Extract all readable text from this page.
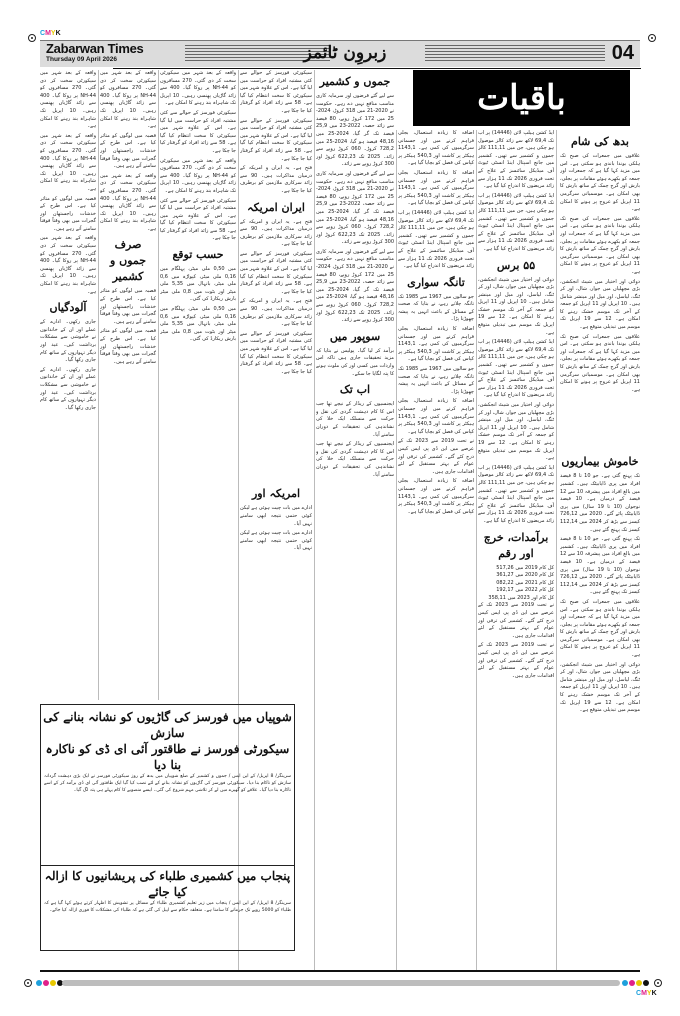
CMYK
Zabarwan Times
Thursday 09 April 2026	زبروِن ٹائمز	04
باقیات
بدھ کی شام

علاقوں میں جمعرات کی صبح تک ہلکی بوندا باندی ہو سکتی ہے۔ اس میں مزید کہا گیا ہے کہ جمعرات اور جمعہ کو بکھرے ہوئے مقامات پر بجلی، بارش اور گرج چمک کے ساتھ بارش کا بھی امکان ہے۔ موسمیاتی سرگرمی 11 اپریل کو عروج پر ہونے کا امکان ہے۔

علاقوں میں جمعرات کی صبح تک ہلکی بوندا باندی ہو سکتی ہے۔ اس میں مزید کہا گیا ہے کہ جمعرات اور جمعہ کو بکھرے ہوئے مقامات پر بجلی، بارش اور گرج چمک کے ساتھ بارش کا بھی امکان ہے۔ موسمیاتی سرگرمی 11 اپریل کو عروج پر ہونے کا امکان ہے۔

دوائی اور اختیار میں شیٹ انجکشن، بڑی مچھلیاں میں جوار، شال، اور کر ٹنگ، لیاسل، اور میل اور مینشر شامل ہیں۔ 10 اپریل اور 11 اپریل کو جمعہ کے آخر تک موسم خشک رہنے کا امکان ہے۔ 12 سے 19 اپریل تک موسم میں تبدیلی متوقع ہے۔

علاقوں میں جمعرات کی صبح تک ہلکی بوندا باندی ہو سکتی ہے۔ اس میں مزید کہا گیا ہے کہ جمعرات اور جمعہ کو بکھرے ہوئے مقامات پر بجلی، بارش اور گرج چمک کے ساتھ بارش کا بھی امکان ہے۔ موسمیاتی سرگرمی 11 اپریل کو عروج پر ہونے کا امکان ہے۔

خاموش بیماریوں

تک پہنچ گئی ہے۔ جو 10 تا 8 فیصد افراد میں پری ڈایابیٹک ہیں۔ کشمیر میں بالغ افراد میں پیشرفہ 10 سے 12 فیصد کے درمیان ہے۔ 10 فیصد نوجوان (10 تا 19 سال) میں پری ڈایابیٹک پائے گئے۔ 2020 میں 726,12 کیسز سے بڑھ کر 2024 میں 112,14 کیسز تک پہنچ گئے ہیں۔

تک پہنچ گئی ہے۔ جو 10 تا 8 فیصد افراد میں پری ڈایابیٹک ہیں۔ کشمیر میں بالغ افراد میں پیشرفہ 10 سے 12 فیصد کے درمیان ہے۔ 10 فیصد نوجوان (10 تا 19 سال) میں پری ڈایابیٹک پائے گئے۔ 2020 میں 726,12 کیسز سے بڑھ کر 2024 میں 112,14 کیسز تک پہنچ گئے ہیں۔

علاقوں میں جمعرات کی صبح تک ہلکی بوندا باندی ہو سکتی ہے۔ اس میں مزید کہا گیا ہے کہ جمعرات اور جمعہ کو بکھرے ہوئے مقامات پر بجلی، بارش اور گرج چمک کے ساتھ بارش کا بھی امکان ہے۔ موسمیاتی سرگرمی 11 اپریل کو عروج پر ہونے کا امکان ہے۔

دوائی اور اختیار میں شیٹ انجکشن، بڑی مچھلیاں میں جوار، شال، اور کر ٹنگ، لیاسل، اور میل اور مینشر شامل ہیں۔ 10 اپریل اور 11 اپریل کو جمعہ کے آخر تک موسم خشک رہنے کا امکان ہے۔ 12 سے 19 اپریل تک موسم میں تبدیلی متوقع ہے۔

ایڈ کشن ہیلپ لائن (14446) پر اب تک 69,4 لاکھ سے زائد کالز موصول ہو چکی ہیں، جن میں 111,11 کالز جموں و کشمیر سے تھیں۔ کشمیر میں جانچ اسپتال اینڈ انسٹی ٹیوٹ آف میڈیکل سائنسز کے علاج کے تحت فروری 2026 تک 11 ہزار سے زائد مریضوں کا اندراج کیا گیا ہے۔

ایڈ کشن ہیلپ لائن (14446) پر اب تک 69,4 لاکھ سے زائد کالز موصول ہو چکی ہیں، جن میں 111,11 کالز جموں و کشمیر سے تھیں۔ کشمیر میں جانچ اسپتال اینڈ انسٹی ٹیوٹ آف میڈیکل سائنسز کے علاج کے تحت فروری 2026 تک 11 ہزار سے زائد مریضوں کا اندراج کیا گیا ہے۔

۵۵ برس

دوائی اور اختیار میں شیٹ انجکشن، بڑی مچھلیاں میں جوار، شال، اور کر ٹنگ، لیاسل، اور میل اور مینشر شامل ہیں۔ 10 اپریل اور 11 اپریل کو جمعہ کے آخر تک موسم خشک رہنے کا امکان ہے۔ 12 سے 19 اپریل تک موسم میں تبدیلی متوقع ہے۔

ایڈ کشن ہیلپ لائن (14446) پر اب تک 69,4 لاکھ سے زائد کالز موصول ہو چکی ہیں، جن میں 111,11 کالز جموں و کشمیر سے تھیں۔ کشمیر میں جانچ اسپتال اینڈ انسٹی ٹیوٹ آف میڈیکل سائنسز کے علاج کے تحت فروری 2026 تک 11 ہزار سے زائد مریضوں کا اندراج کیا گیا ہے۔

دوائی اور اختیار میں شیٹ انجکشن، بڑی مچھلیاں میں جوار، شال، اور کر ٹنگ، لیاسل، اور میل اور مینشر شامل ہیں۔ 10 اپریل اور 11 اپریل کو جمعہ کے آخر تک موسم خشک رہنے کا امکان ہے۔ 12 سے 19 اپریل تک موسم میں تبدیلی متوقع ہے۔

ایڈ کشن ہیلپ لائن (14446) پر اب تک 69,4 لاکھ سے زائد کالز موصول ہو چکی ہیں، جن میں 111,11 کالز جموں و کشمیر سے تھیں۔ کشمیر میں جانچ اسپتال اینڈ انسٹی ٹیوٹ آف میڈیکل سائنسز کے علاج کے تحت فروری 2026 تک 11 ہزار سے زائد مریضوں کا اندراج کیا گیا ہے۔

برآمدات، خرچ اور رقم
کل کام 2019 میں 517,26
کل کام 2020 میں 361,27
کل کام 2021 میں 082,22
کل کام 2022 میں 192,17
کل کام اور 2023 میں 358,11

نے تحت 2019 سے 2023 تک کے عرصے میں این ڈی پی ایس کیس درج کئے گئے۔ کشمیر کی ترقی اور عوام کے بہتر مستقبل کے لئے اقدامات جاری ہیں۔

نے تحت 2019 سے 2023 تک کے عرصے میں این ڈی پی ایس کیس درج کئے گئے۔ کشمیر کی ترقی اور عوام کے بہتر مستقبل کے لئے اقدامات جاری ہیں۔

اضافہ کا زیادہ استعمال، بجلی فراہم کرنے میں اور جسمانی سرگرمیوں کی کمی ہے۔ 1143,1 ہیکٹر پر کاشت اور 540,3 ہیکٹر پر کپاس کی فصل کو بچایا گیا ہے۔

اضافہ کا زیادہ استعمال، بجلی فراہم کرنے میں اور جسمانی سرگرمیوں کی کمی ہے۔ 1143,1 ہیکٹر پر کاشت اور 540,3 ہیکٹر پر کپاس کی فصل کو بچایا گیا ہے۔

ایڈ کشن ہیلپ لائن (14446) پر اب تک 69,4 لاکھ سے زائد کالز موصول ہو چکی ہیں، جن میں 111,11 کالز جموں و کشمیر سے تھیں۔ کشمیر میں جانچ اسپتال اینڈ انسٹی ٹیوٹ آف میڈیکل سائنسز کے علاج کے تحت فروری 2026 تک 11 ہزار سے زائد مریضوں کا اندراج کیا گیا ہے۔

تانگہ سواری

جو سالوں میں 1967 سے 1985 تک تانگہ چلاتے رہے، نے بتایا کہ صحت کے مسائل کے باعث انہیں یہ پیشہ چھوڑنا پڑا۔

اضافہ کا زیادہ استعمال، بجلی فراہم کرنے میں اور جسمانی سرگرمیوں کی کمی ہے۔ 1143,1 ہیکٹر پر کاشت اور 540,3 ہیکٹر پر کپاس کی فصل کو بچایا گیا ہے۔

جو سالوں میں 1967 سے 1985 تک تانگہ چلاتے رہے، نے بتایا کہ صحت کے مسائل کے باعث انہیں یہ پیشہ چھوڑنا پڑا۔

اضافہ کا زیادہ استعمال، بجلی فراہم کرنے میں اور جسمانی سرگرمیوں کی کمی ہے۔ 1143,1 ہیکٹر پر کاشت اور 540,3 ہیکٹر پر کپاس کی فصل کو بچایا گیا ہے۔

نے تحت 2019 سے 2023 تک کے عرصے میں این ڈی پی ایس کیس درج کئے گئے۔ کشمیر کی ترقی اور عوام کے بہتر مستقبل کے لئے اقدامات جاری ہیں۔

اضافہ کا زیادہ استعمال، بجلی فراہم کرنے میں اور جسمانی سرگرمیوں کی کمی ہے۔ 1143,1 ہیکٹر پر کاشت اور 540,3 ہیکٹر پر کپاس کی فصل کو بچایا گیا ہے۔

جموں و کشمیر

سے لیے گئے قرضوں اور سرمایہ کاری مناسب منافع نہیں دے رہے۔ حکومت نے 2020-21 میں 318 کروڑ، 2024-25 میں 172 کروڑ روپے، 80 فیصد سے زائد حصہ، 2022-23 میں 25,9 فیصد تک گر گیا، 2024-25 میں 48,16 فیصد ہو گیا، 2024-25 میں 728,2 کروڑ۔ 060 کروڑ روپے سے زائد۔ 2025 تک 622,23 کروڑ اور 300 کروڑ روپے سے زائد۔

سے لیے گئے قرضوں اور سرمایہ کاری مناسب منافع نہیں دے رہے۔ حکومت نے 2020-21 میں 318 کروڑ، 2024-25 میں 172 کروڑ روپے، 80 فیصد سے زائد حصہ، 2022-23 میں 25,9 فیصد تک گر گیا، 2024-25 میں 48,16 فیصد ہو گیا، 2024-25 میں 728,2 کروڑ۔ 060 کروڑ روپے سے زائد۔ 2025 تک 622,23 کروڑ اور 300 کروڑ روپے سے زائد۔

سے لیے گئے قرضوں اور سرمایہ کاری مناسب منافع نہیں دے رہے۔ حکومت نے 2020-21 میں 318 کروڑ، 2024-25 میں 172 کروڑ روپے، 80 فیصد سے زائد حصہ، 2022-23 میں 25,9 فیصد تک گر گیا، 2024-25 میں 48,16 فیصد ہو گیا، 2024-25 میں 728,2 کروڑ۔ 060 کروڑ روپے سے زائد۔ 2025 تک 622,23 کروڑ اور 300 کروڑ روپے سے زائد۔

سوپور میں

برآمد کر لیا گیا۔ پولیس نے بتایا کہ مزید تحقیقات جاری ہیں تاکہ اس واردات میں کسی اور کی ملوث ہونے کا پتہ لگایا جا سکے۔

اب تک

ایجنسیوں کے ریڈار کے نیچے تھا جب اس کا کام دہشت گردی کی نقل و حرکت سے منسلک ایک خلا کی نشاندہی کی تحقیقات کے دوران سامنے آیا۔

ایجنسیوں کے ریڈار کے نیچے تھا جب اس کا کام دہشت گردی کی نقل و حرکت سے منسلک ایک خلا کی نشاندہی کی تحقیقات کے دوران سامنے آیا۔

سیکورٹی فورسز کے حوالے سے کئی مشتبہ افراد کو حراست میں لیا گیا ہے۔ اس کے علاوہ شہر میں سیکورٹی کا سخت انتظام کیا گیا ہے۔ 58 سے زائد افراد کو گرفتار کیا جا چکا ہے۔

سیکورٹی فورسز کے حوالے سے کئی مشتبہ افراد کو حراست میں لیا گیا ہے۔ اس کے علاوہ شہر میں سیکورٹی کا سخت انتظام کیا گیا ہے۔ 58 سے زائد افراد کو گرفتار کیا جا چکا ہے۔

فتح ہے۔ یہ ایران و امریکہ کے درمیان مذاکرات ہیں۔ 90 سے زائد سرکاری ملازمین کو برطرف کیا جا چکا ہے۔

ایران امریکہ

فتح ہے۔ یہ ایران و امریکہ کے درمیان مذاکرات ہیں۔ 90 سے زائد سرکاری ملازمین کو برطرف کیا جا چکا ہے۔

سیکورٹی فورسز کے حوالے سے کئی مشتبہ افراد کو حراست میں لیا گیا ہے۔ اس کے علاوہ شہر میں سیکورٹی کا سخت انتظام کیا گیا ہے۔ 58 سے زائد افراد کو گرفتار کیا جا چکا ہے۔

فتح ہے۔ یہ ایران و امریکہ کے درمیان مذاکرات ہیں۔ 90 سے زائد سرکاری ملازمین کو برطرف کیا جا چکا ہے۔

سیکورٹی فورسز کے حوالے سے کئی مشتبہ افراد کو حراست میں لیا گیا ہے۔ اس کے علاوہ شہر میں سیکورٹی کا سخت انتظام کیا گیا ہے۔ 58 سے زائد افراد کو گرفتار کیا جا چکا ہے۔

امریکہ اور

ادارے میں بات چیت ہوئی ہے لیکن کوئی حتمی نتیجہ ابھی سامنے نہیں آیا۔

ادارے میں بات چیت ہوئی ہے لیکن کوئی حتمی نتیجہ ابھی سامنے نہیں آیا۔

واقعہ کے بعد شہر میں سیکورٹی سخت کر دی گئی۔ 270 مسافروں کو NH-44 پر روکا گیا۔ 400 سے زائد گاڑیاں پھنسی رہیں۔ 10 اپریل تک شاہراہ بند رہنے کا امکان ہے۔

سیکورٹی فورسز کے حوالے سے کئی مشتبہ افراد کو حراست میں لیا گیا ہے۔ اس کے علاوہ شہر میں سیکورٹی کا سخت انتظام کیا گیا ہے۔ 58 سے زائد افراد کو گرفتار کیا جا چکا ہے۔

واقعہ کے بعد شہر میں سیکورٹی سخت کر دی گئی۔ 270 مسافروں کو NH-44 پر روکا گیا۔ 400 سے زائد گاڑیاں پھنسی رہیں۔ 10 اپریل تک شاہراہ بند رہنے کا امکان ہے۔

سیکورٹی فورسز کے حوالے سے کئی مشتبہ افراد کو حراست میں لیا گیا ہے۔ اس کے علاوہ شہر میں سیکورٹی کا سخت انتظام کیا گیا ہے۔ 58 سے زائد افراد کو گرفتار کیا جا چکا ہے۔

حسب توقع

میں 0,50 ملی میٹر، پہلگام میں 0,16 ملی میٹر، کپواڑہ میں 0,6 ملی میٹر، بانہال میں 5,35 ملی میٹر اور بٹوت میں 0,8 ملی میٹر بارش ریکارڈ کی گئی۔

میں 0,50 ملی میٹر، پہلگام میں 0,16 ملی میٹر، کپواڑہ میں 0,6 ملی میٹر، بانہال میں 5,35 ملی میٹر اور بٹوت میں 0,8 ملی میٹر بارش ریکارڈ کی گئی۔

واقعہ کے بعد شہر میں سیکورٹی سخت کر دی گئی۔ 270 مسافروں کو NH-44 پر روکا گیا۔ 400 سے زائد گاڑیاں پھنسی رہیں۔ 10 اپریل تک شاہراہ بند رہنے کا امکان ہے۔

قصبہ میں لوگوں کو متاثر کیا ہے۔ اس طرح کے خدشات راجستھان اور گجرات میں بھی وقتاً فوقتاً سامنے آتے رہے ہیں۔

واقعہ کے بعد شہر میں سیکورٹی سخت کر دی گئی۔ 270 مسافروں کو NH-44 پر روکا گیا۔ 400 سے زائد گاڑیاں پھنسی رہیں۔ 10 اپریل تک شاہراہ بند رہنے کا امکان ہے۔

صرف جموں و کشمیر

قصبہ میں لوگوں کو متاثر کیا ہے۔ اس طرح کے خدشات راجستھان اور گجرات میں بھی وقتاً فوقتاً سامنے آتے رہے ہیں۔

قصبہ میں لوگوں کو متاثر کیا ہے۔ اس طرح کے خدشات راجستھان اور گجرات میں بھی وقتاً فوقتاً سامنے آتے رہے ہیں۔

واقعہ کے بعد شہر میں سیکورٹی سخت کر دی گئی۔ 270 مسافروں کو NH-44 پر روکا گیا۔ 400 سے زائد گاڑیاں پھنسی رہیں۔ 10 اپریل تک شاہراہ بند رہنے کا امکان ہے۔

واقعہ کے بعد شہر میں سیکورٹی سخت کر دی گئی۔ 270 مسافروں کو NH-44 پر روکا گیا۔ 400 سے زائد گاڑیاں پھنسی رہیں۔ 10 اپریل تک شاہراہ بند رہنے کا امکان ہے۔

قصبہ میں لوگوں کو متاثر کیا ہے۔ اس طرح کے خدشات راجستھان اور گجرات میں بھی وقتاً فوقتاً سامنے آتے رہے ہیں۔

واقعہ کے بعد شہر میں سیکورٹی سخت کر دی گئی۔ 270 مسافروں کو NH-44 پر روکا گیا۔ 400 سے زائد گاڑیاں پھنسی رہیں۔ 10 اپریل تک شاہراہ بند رہنے کا امکان ہے۔

آلودگیاں

جاری رکھی۔ ادارے کے عملے اور ان کے خاندانوں نے خاموشی سے مشکلات برداشت کیں۔ عید اور دیگر تہواروں کے ساتھ کام جاری رکھا گیا۔

جاری رکھی۔ ادارے کے عملے اور ان کے خاندانوں نے خاموشی سے مشکلات برداشت کیں۔ عید اور دیگر تہواروں کے ساتھ کام جاری رکھا گیا۔

شوپیاں میں فورسز کی گاڑیوں کو نشانہ بنانے کی سازش
سیکورٹی فورسز نے طاقتور آئی ای ڈی کو ناکارہ بنا دیا
سرینگر/ 8 اپریل/ کے این ایس / جموں و کشمیر کے ضلع شوپیاں میں بدھ کے روز سیکورٹی فورسز نے ایک بڑی دہشت گردانہ سازش کو ناکام بنا دیا۔ سیکورٹی فورسز کی گاڑیوں کو نشانہ بنانے کے لئے نصب کیا گیا ایک طاقتور آئی ای ڈی برآمد کر کے اسے ناکارہ بنا دیا گیا۔ علاقے کو گھیرے میں لے کر تلاشی مہم شروع کی گئی۔ ایسے منصوبے کا کام پہلے ہی پتہ لگ گیا۔
پنجاب میں کشمیری طلباء کی پریشانیوں کا ازالہ کیا جائے
سرینگر/ 8 اپریل/ کے این ایس / پنجاب میں زیر تعلیم کشمیری طلباء کے مسائل پر تشویش کا اظہار کرتے ہوئے کہا گیا ہے کہ طلباء کو 5000 روپے تک جرمانے کا سامنا ہے۔ متعلقہ حکام سے اپیل کی گئی ہے کہ طلباء کی مشکلات کا فوری ازالہ کیا جائے۔
CMYK
